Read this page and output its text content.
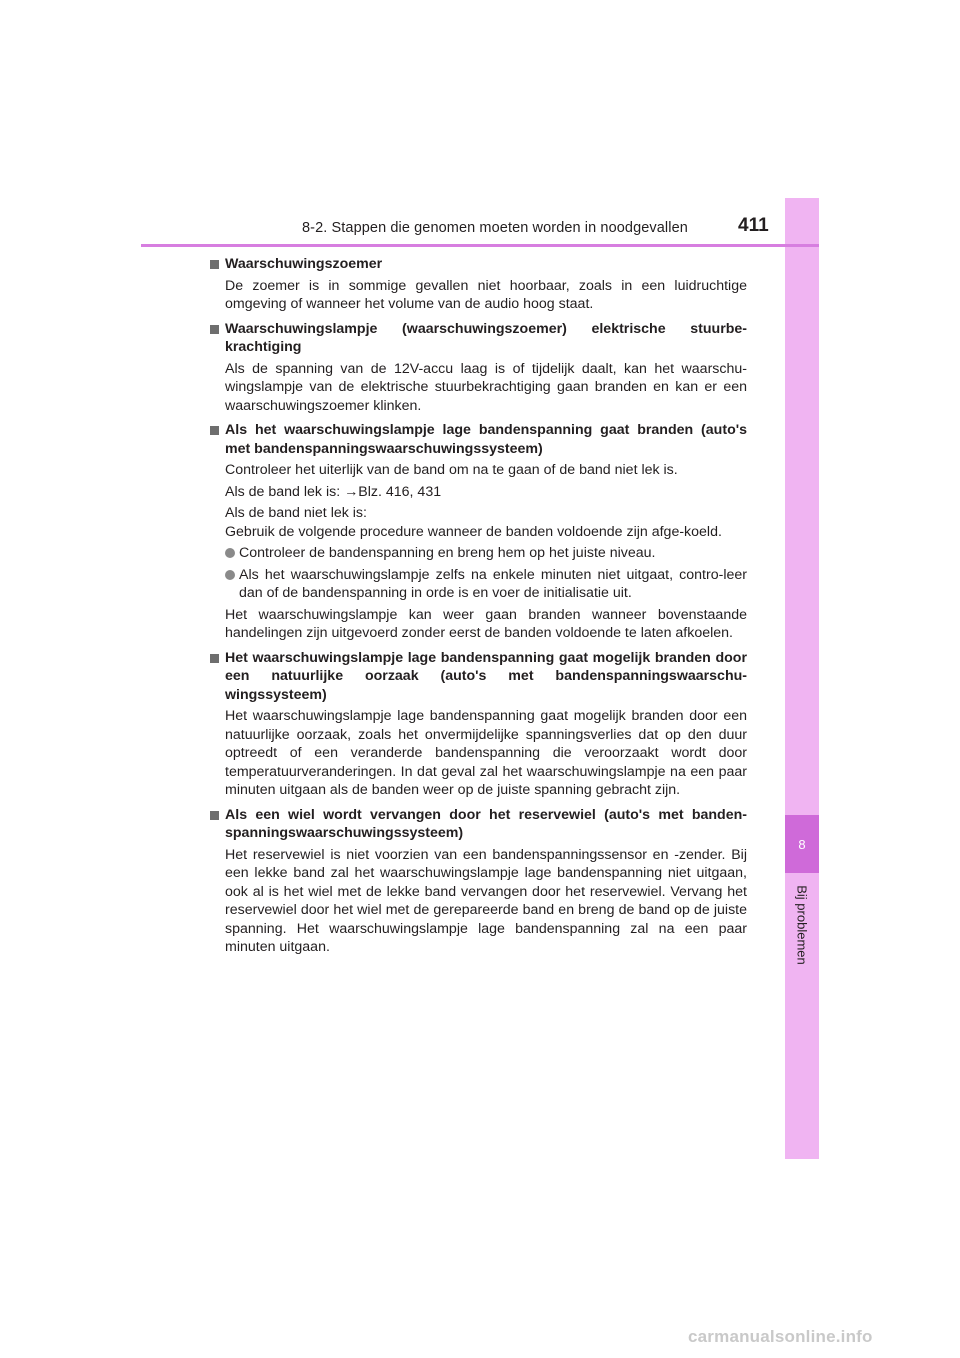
8
Bij problemen
8-2. Stappen die genomen moeten worden in noodgevallen	411
Waarschuwingszoemer
De zoemer is in sommige gevallen niet hoorbaar, zoals in een luidruchtige omgeving of wanneer het volume van de audio hoog staat.
Waarschuwingslampje (waarschuwingszoemer) elektrische stuurbe-krachtiging
Als de spanning van de 12V-accu laag is of tijdelijk daalt, kan het waarschu-wingslampje van de elektrische stuurbekrachtiging gaan branden en kan er een waarschuwingszoemer klinken.
Als het waarschuwingslampje lage bandenspanning gaat branden (auto's met bandenspanningswaarschuwingssysteem)
Controleer het uiterlijk van de band om na te gaan of de band niet lek is.
Als de band lek is: →Blz. 416, 431
Als de band niet lek is:
Gebruik de volgende procedure wanneer de banden voldoende zijn afge-koeld.
Controleer de bandenspanning en breng hem op het juiste niveau.
Als het waarschuwingslampje zelfs na enkele minuten niet uitgaat, contro-leer dan of de bandenspanning in orde is en voer de initialisatie uit.
Het waarschuwingslampje kan weer gaan branden wanneer bovenstaande handelingen zijn uitgevoerd zonder eerst de banden voldoende te laten afkoelen.
Het waarschuwingslampje lage bandenspanning gaat mogelijk branden door een natuurlijke oorzaak (auto's met bandenspanningswaarschu-wingssysteem)
Het waarschuwingslampje lage bandenspanning gaat mogelijk branden door een natuurlijke oorzaak, zoals het onvermijdelijke spanningsverlies dat op den duur optreedt of een veranderde bandenspanning die veroorzaakt wordt door temperatuurveranderingen. In dat geval zal het waarschuwingslampje na een paar minuten uitgaan als de banden weer op de juiste spanning gebracht zijn.
Als een wiel wordt vervangen door het reservewiel (auto's met banden-spanningswaarschuwingssysteem)
Het reservewiel is niet voorzien van een bandenspanningssensor en -zender. Bij een lekke band zal het waarschuwingslampje lage bandenspanning niet uitgaan, ook al is het wiel met de lekke band vervangen door het reservewiel. Vervang het reservewiel door het wiel met de gerepareerde band en breng de band op de juiste spanning. Het waarschuwingslampje lage bandenspanning zal na een paar minuten uitgaan.
carmanualsonline.info
